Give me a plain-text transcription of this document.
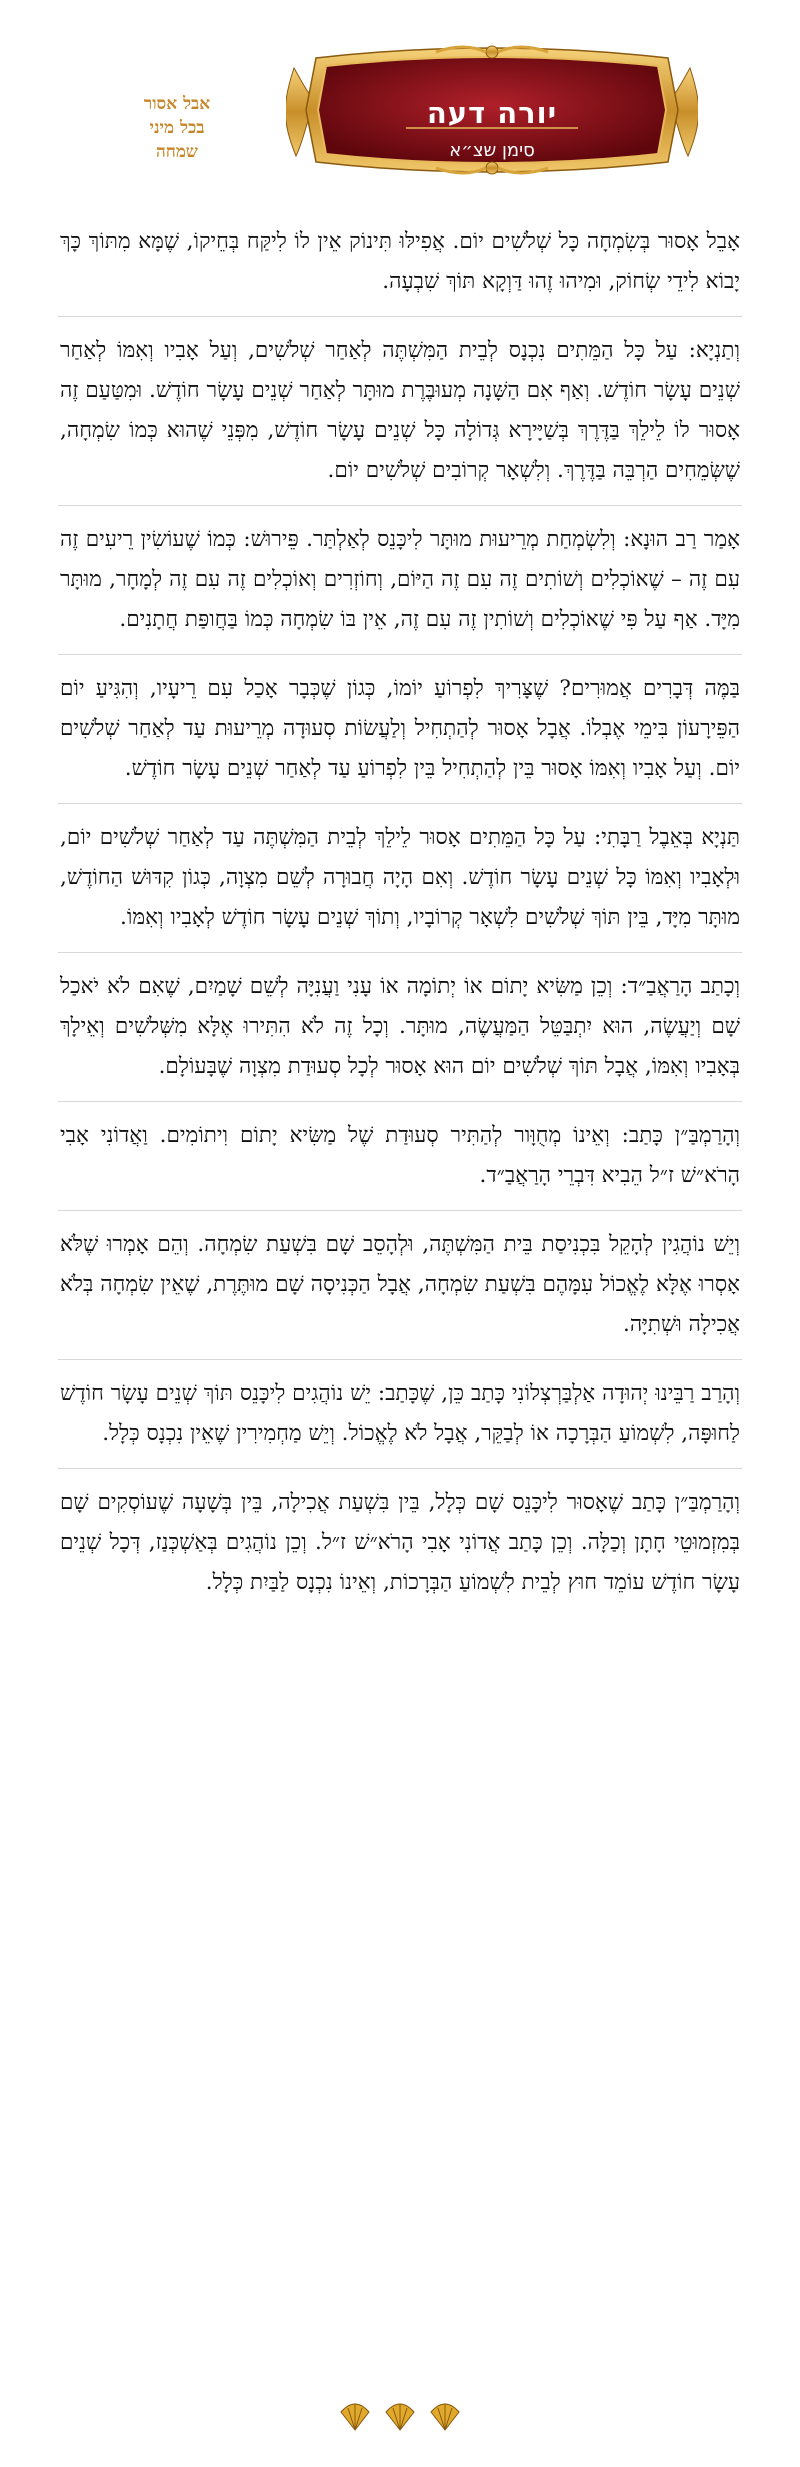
אבל אסור
בכל מיני
שמחה
יורה דעה
סימן שצ״א

אָבֵל אָסוּר בְּשִׂמְחָה כָּל שְׁלֹשִׁים יוֹם. אֲפִילּוּ תִּינוֹק אֵין לוֹ לִיקַּח בְּחֵיקוֹ, שֶׁמָּא מִתּוֹךְ כָּךְ יָבוֹא לִידֵי שְׂחוֹק, וּמִיהוּ זֶהוּ דַּוְקָא תּוֹךְ שִׁבְעָה.

וְתַנְיָא: עַל כָּל הַמֵּתִים נִכְנָס לְבֵית הַמִּשְׁתֶּה לְאַחַר שְׁלֹשִׁים, וְעַל אָבִיו וְאִמּוֹ לְאַחַר שְׁנֵים עָשָׂר חוֹדֶשׁ. וְאַף אִם הַשָּׁנָה מְעוּבֶּרֶת מוּתָּר לְאַחַר שְׁנֵים עָשָׂר חוֹדֶשׁ. וּמִטַּעַם זֶה אָסוּר לוֹ לֵילֵךְ בַּדֶּרֶךְ בְּשַׁיָּירָא גְּדוֹלָה כָּל שְׁנֵים עָשָׂר חוֹדֶשׁ, מִפְּנֵי שֶׁהוּא כְּמוֹ שִׂמְחָה, שֶׁשְּׂמֵחִים הַרְבֵּה בַּדֶּרֶךְ. וְלִשְׁאָר קְרוֹבִים שְׁלֹשִׁים יוֹם.

אָמַר רַב הוּנָא: וְלִשְׂמְחַת מְרֵיעוּת מוּתָּר לִיכָּנֵס לְאַלְתַּר. פֵּירוּשׁ: כְּמוֹ שֶׁעוֹשִׂין רֵיעִים זֶה עִם זֶה – שֶׁאוֹכְלִים וְשׁוֹתִים זֶה עִם זֶה הַיּוֹם, וְחוֹזְרִים וְאוֹכְלִים זֶה עִם זֶה לְמָחָר, מוּתָּר מִיָּד. אַף עַל פִּי שֶׁאוֹכְלִים וְשׁוֹתִין זֶה עִם זֶה, אֵין בּוֹ שִׂמְחָה כְּמוֹ בַּחֲופַּת חֲתָנִים.

בַּמֶּה דְּבָרִים אֲמוּרִים? שֶׁצָּרִיךְ לִפְרוֹעַ יוֹמוֹ, כְּגוֹן שֶׁכְּבָר אָכַל עִם רֵיעָיו, וְהִגִּיעַ יוֹם הַפֵּירָעוֹן בִּימֵי אֶבְלוֹ. אֲבָל אָסוּר לְהַתְחִיל וְלַעֲשׂוֹת סְעוּדָה מְרֵיעוּת עַד לְאַחַר שְׁלֹשִׁים יוֹם. וְעַל אָבִיו וְאִמּוֹ אָסוּר בֵּין לְהַתְחִיל בֵּין לִפְרוֹעַ עַד לְאַחַר שְׁנֵים עָשָׂר חוֹדֶשׁ.

תַּנְיָא בְּאֵבֶל רַבָּתִי: עַל כָּל הַמֵּתִים אָסוּר לֵילֵךְ לְבֵית הַמִּשְׁתֶּה עַד לְאַחַר שְׁלֹשִׁים יוֹם, וּלְאָבִיו וְאִמּוֹ כָּל שְׁנֵים עָשָׂר חוֹדֶשׁ. וְאִם הָיָה חֲבוּרָה לְשֵׁם מִצְוָה, כְּגוֹן קִדּוּשׁ הַחוֹדֶשׁ, מוּתָּר מִיָּד, בֵּין תּוֹךְ שְׁלֹשִׁים לִשְׁאָר קְרוֹבָיו, וְתוֹךְ שְׁנֵים עָשָׂר חוֹדֶשׁ לְאָבִיו וְאִמּוֹ.

וְכָתַב הָרַאֲבַ״ד: וְכֵן מַשִּׂיא יָתוֹם אוֹ יְתוֹמָה אוֹ עָנִי וַעֲנִיָּה לְשֵׁם שָׁמַיִם, שֶׁאִם לֹא יֹאכַל שָׁם וְיַעֲשֶׂה, הוּא יִתְבַּטֵּל הַמַּעֲשֶׂה, מוּתָּר. וְכָל זֶה לֹא הִתִּירוּ אֶלָּא מִשְּׁלֹשִׁים וְאֵילָךְ בְּאָבִיו וְאִמּוֹ, אֲבָל תּוֹךְ שְׁלֹשִׁים יוֹם הוּא אָסוּר לְכָל סְעוּדַת מִצְוָה שֶׁבָּעוֹלָם.

וְהָרַמְבַּ״ן כָּתַב: וְאֵינוֹ מְחֻוָּור לְהַתִּיר סְעוּדַת שֶׁל מַשִּׂיא יָתוֹם וִיתוֹמִים. וַאֲדוֹנִי אָבִי הָרֹא״שׁ ז״ל הֵבִיא דִּבְרֵי הָרַאֲבַ״ד.

וְיֵשׁ נוֹהֲגִין לְהָקֵל בִּכְנִיסַת בֵּית הַמִּשְׁתֶּה, וּלְהָסֵב שָׁם בִּשְׁעַת שִׂמְחָה. וְהֵם אָמְרוּ שֶׁלֹּא אָסְרוּ אֶלָּא לֶאֱכוֹל עִמָּהֶם בִּשְׁעַת שִׂמְחָה, אֲבָל הַכְּנִיסָה שָׁם מוּתֶּרֶת, שֶׁאֵין שִׂמְחָה בְּלֹא אֲכִילָה וּשְׁתִיָּה.

וְהָרַב רַבֵּינוּ יְהוּדָה אַלְבַּרְצְלוֹנִי כָּתַב כֵּן, שֶׁכָּתַב: יֵשׁ נוֹהֲגִים לִיכָּנֵס תּוֹךְ שְׁנֵים עָשָׂר חוֹדֶשׁ לַחוּפָּה, לִשְׁמוֹעַ הַבְּרָכָה אוֹ לְבַקֵּר, אֲבָל לֹא לֶאֱכוֹל. וְיֵשׁ מַחְמִירִין שֶׁאֵין נִכְנָס כְּלָל.

וְהָרַמְבַּ״ן כָּתַב שֶׁאָסוּר לִיכָּנֵס שָׁם כְּלָל, בֵּין בִּשְׁעַת אֲכִילָה, בֵּין בְּשָׁעָה שֶׁעוֹסְקִים שָׁם בְּמִזְמוּטֵי חָתָן וְכַלָּה. וְכֵן כָּתַב אֲדוֹנִי אָבִי הָרֹא״שׁ ז״ל. וְכֵן נוֹהֲגִים בְּאַשְׁכְּנַז, דְּכָל שְׁנֵים עָשָׂר חוֹדֶשׁ עוֹמֵד חוּץ לְבֵית לִשְׁמוֹעַ הַבְּרָכוֹת, וְאֵינוֹ נִכְנָס לַבַּיִת כְּלָל.
